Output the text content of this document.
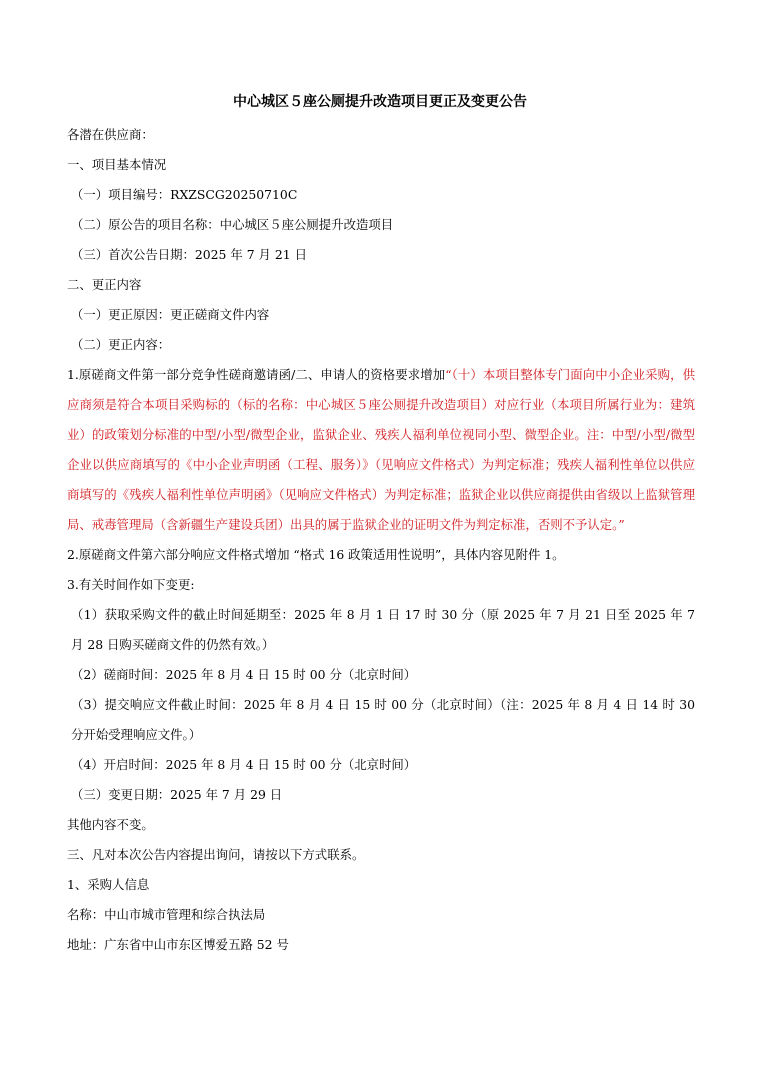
中心城区５座公厕提升改造项目更正及变更公告
各潜在供应商：
一、项目基本情况
（一）项目编号：RXZSCG20250710C
（二）原公告的项目名称：中心城区５座公厕提升改造项目
（三）首次公告日期：2025 年 7 月 21 日
二、更正内容
（一）更正原因：更正磋商文件内容
（二）更正内容：
1.原磋商文件第一部分竞争性磋商邀请函/二、申请人的资格要求增加“（十）本项目整体专门面向中小企业采购，供应商须是符合本项目采购标的（标的名称：中心城区５座公厕提升改造项目）对应行业（本项目所属行业为：建筑业）的政策划分标准的中型/小型/微型企业，监狱企业、残疾人福利单位视同小型、微型企业。注：中型/小型/微型企业以供应商填写的《中小企业声明函（工程、服务）》（见响应文件格式）为判定标准；残疾人福利性单位以供应商填写的《残疾人福利性单位声明函》（见响应文件格式）为判定标准；监狱企业以供应商提供由省级以上监狱管理局、戒毒管理局（含新疆生产建设兵团）出具的属于监狱企业的证明文件为判定标准，否则不予认定。”
2.原磋商文件第六部分响应文件格式增加 “格式 16 政策适用性说明”，具体内容见附件 1。
3.有关时间作如下变更:
（1）获取采购文件的截止时间延期至：2025 年 8 月 1 日 17 时 30 分（原 2025 年 7 月 21 日至 2025 年 7 月 28 日购买磋商文件的仍然有效。）
（2）磋商时间：2025 年 8 月 4 日 15 时 00 分（北京时间）
（3）提交响应文件截止时间：2025 年 8 月 4 日 15 时 00 分（北京时间）（注：2025 年 8 月 4 日 14 时 30 分开始受理响应文件。）
（4）开启时间：2025 年 8 月 4 日 15 时 00 分（北京时间）
（三）变更日期：2025 年 7 月 29 日
其他内容不变。
三、凡对本次公告内容提出询问，请按以下方式联系。
1、采购人信息
名称：中山市城市管理和综合执法局
地址：广东省中山市东区博爱五路 52 号
